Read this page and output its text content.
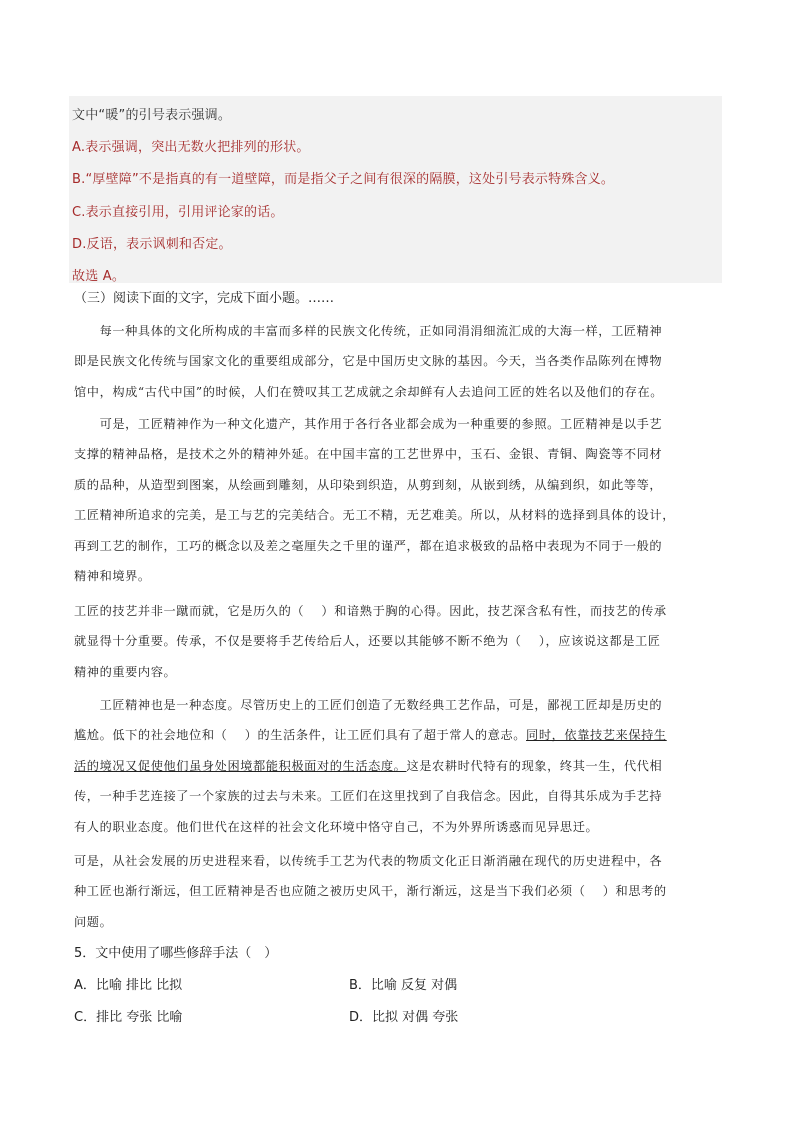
文中“暖”的引号表示强调。
A.表示强调，突出无数火把排列的形状。
B.“厚壁障”不是指真的有一道壁障，而是指父子之间有很深的隔膜，这处引号表示特殊含义。
C.表示直接引用，引用评论家的话。
D.反语，表示讽刺和否定。
故选 A。
（三）阅读下面的文字，完成下面小题。……
　　每一种具体的文化所构成的丰富而多样的民族文化传统，正如同涓涓细流汇成的大海一样，工匠精神
即是民族文化传统与国家文化的重要组成部分，它是中国历史文脉的基因。今天，当各类作品陈列在博物
馆中，构成“古代中国”的时候，人们在赞叹其工艺成就之余却鲜有人去追问工匠的姓名以及他们的存在。
　　可是，工匠精神作为一种文化遗产，其作用于各行各业都会成为一种重要的参照。工匠精神是以手艺
支撑的精神品格，是技术之外的精神外延。在中国丰富的工艺世界中，玉石、金银、青铜、陶瓷等不同材
质的品种，从造型到图案，从绘画到雕刻，从印染到织造，从剪到刻，从嵌到绣，从编到织，如此等等，
工匠精神所追求的完美，是工与艺的完美结合。无工不精，无艺难美。所以，从材料的选择到具体的设计，
再到工艺的制作，工巧的概念以及差之毫厘失之千里的谨严，都在追求极致的品格中表现为不同于一般的
精神和境界。
工匠的技艺并非一蹴而就，它是历久的（　 ）和谙熟于胸的心得。因此，技艺深含私有性，而技艺的传承
就显得十分重要。传承，不仅是要将手艺传给后人，还要以其能够不断不绝为（　 ），应该说这都是工匠
精神的重要内容。
　　工匠精神也是一种态度。尽管历史上的工匠们创造了无数经典工艺作品，可是，鄙视工匠却是历史的
尴尬。低下的社会地位和（　 ）的生活条件，让工匠们具有了超于常人的意志。同时，依靠技艺来保持生
活的境况又促使他们虽身处困境都能积极面对的生活态度。这是农耕时代特有的现象，终其一生，代代相
传，一种手艺连接了一个家族的过去与未来。工匠们在这里找到了自我信念。因此，自得其乐成为手艺持
有人的职业态度。他们世代在这样的社会文化环境中恪守自己，不为外界所诱惑而见异思迁。
可是，从社会发展的历史进程来看，以传统手工艺为代表的物质文化正日渐消融在现代的历史进程中，各
种工匠也渐行渐远，但工匠精神是否也应随之被历史风干，渐行渐远，这是当下我们必须（　 ）和思考的
问题。
5．文中使用了哪些修辞手法（　）
A．比喻 排比 比拟	B．比喻 反复 对偶
C．排比 夸张 比喻	D．比拟 对偶 夸张
